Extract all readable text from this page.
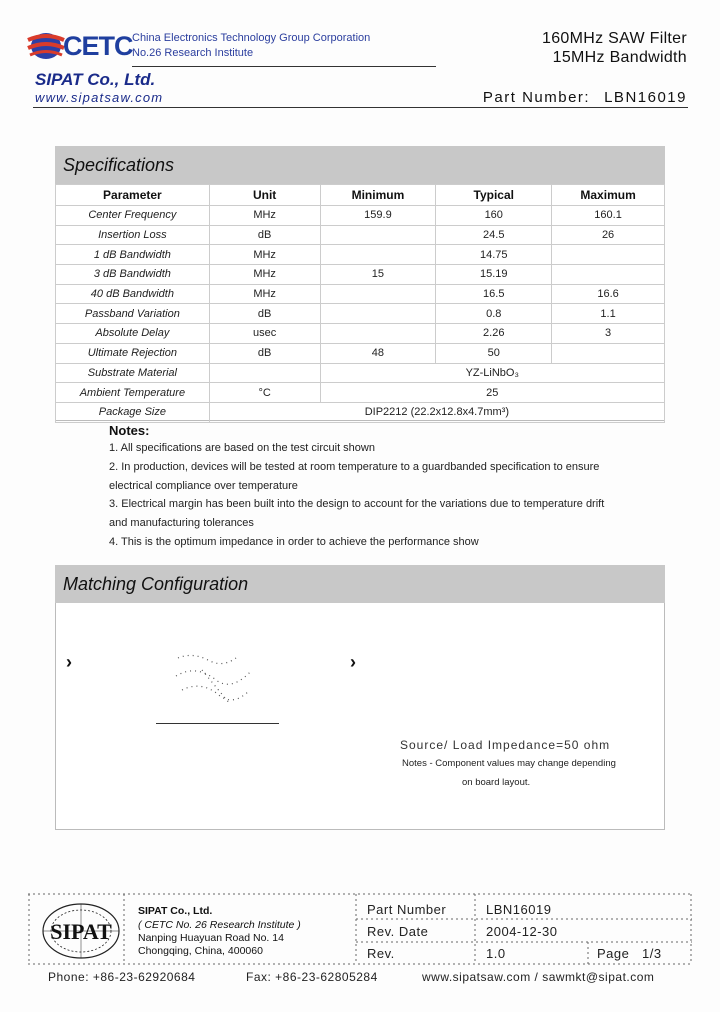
CETC China Electronics Technology Group Corporation
No.26 Research Institute
SIPAT Co., Ltd.
www.sipatsaw.com
160MHz SAW Filter
15MHz Bandwidth
Part Number: LBN16019
Specifications
Parameter	Unit	Minimum	Typical	Maximum
Center Frequency	MHz	159.9	160	160.1
Insertion Loss	dB		24.5	26
1 dB Bandwidth	MHz		14.75	
3 dB Bandwidth	MHz	15	15.19	
40 dB Bandwidth	MHz		16.5	16.6
Passband Variation	dB		0.8	1.1
Absolute Delay	usec		2.26	3
Ultimate Rejection	dB	48	50	
Substrate Material		YZ-LiNbO₃		
Ambient Temperature	°C	25		
Package Size	DIP2212 (22.2x12.8x4.7mm³)			
Notes:
1. All specifications are based on the test circuit shown
2. In production, devices will be tested at room temperature to a guardbanded specification to ensure
electrical compliance over temperature
3. Electrical margin has been built into the design to account for the variations due to temperature drift
and manufacturing tolerances
4. This is the optimum impedance in order to achieve the performance show
Matching Configuration
›	›
Source/ Load Impedance=50 ohm
Notes - Component values may change depending
on board layout.
SIPAT
SIPAT Co., Ltd.
( CETC No. 26 Research Institute )
Nanping Huayuan Road No. 14
Chongqing, China, 400060
Part Number	LBN16019
Rev. Date	2004-12-30
Rev.	1.0	Page 1/3
Phone: +86-23-62920684	Fax: +86-23-62805284	www.sipatsaw.com / sawmkt@sipat.com
